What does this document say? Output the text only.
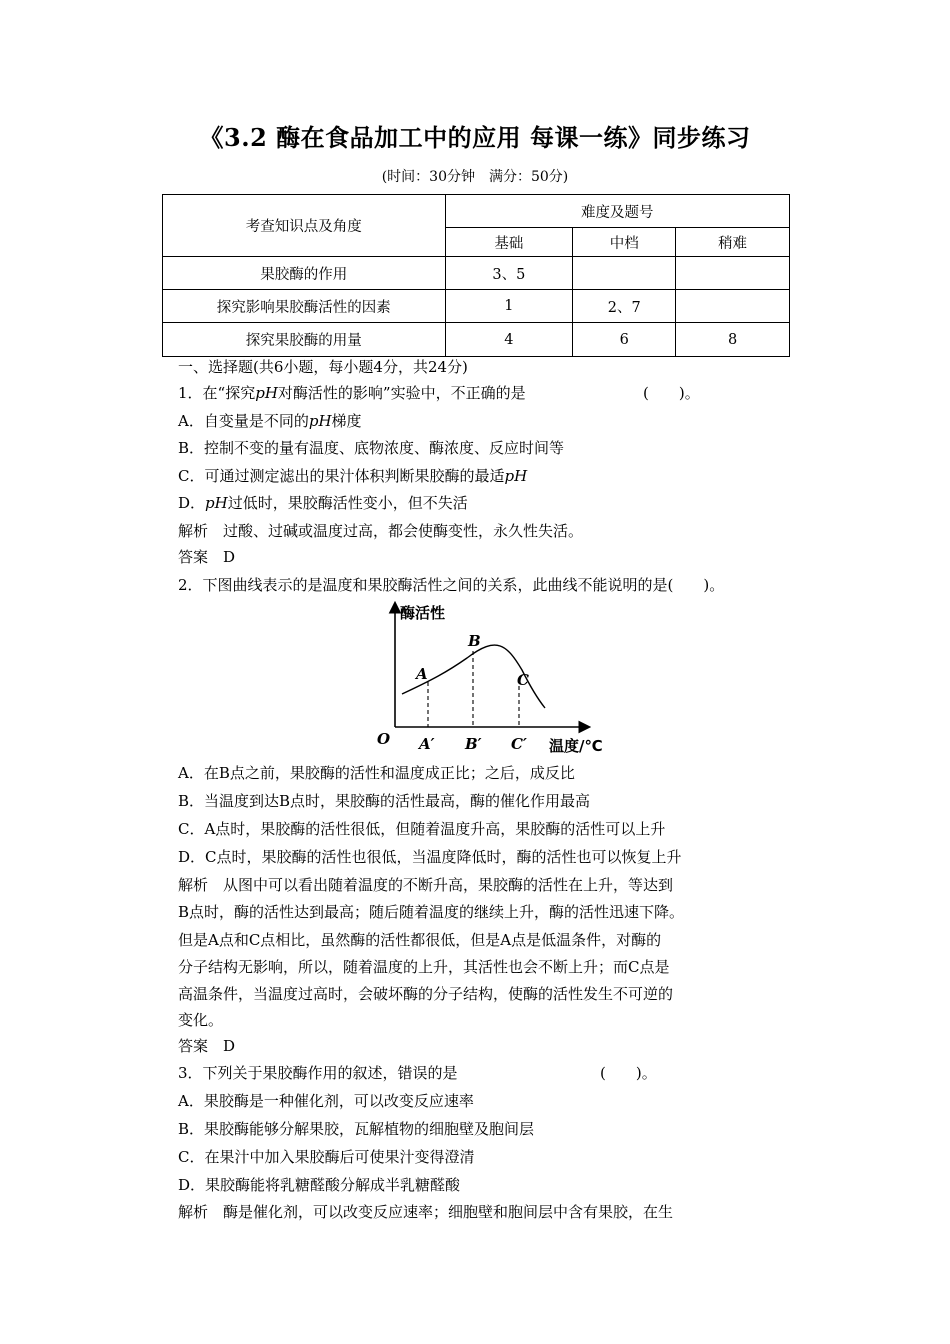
《3.2 酶在食品加工中的应用 每课一练》同步练习
(时间：30分钟　满分：50分)
考查知识点及角度	难度及题号		
	基础	中档	稍难
果胶酶的作用	3、5		
探究影响果胶酶活性的因素	1	2、7	
探究果胶酶的用量	4	6	8
一、选择题(共6小题，每小题4分，共24分)
1．在“探究pH对酶活性的影响”实验中，不正确的是	(　　)。
A．自变量是不同的pH梯度
B．控制不变的量有温度、底物浓度、酶浓度、反应时间等
C．可通过测定滤出的果汁体积判断果胶酶的最适pH
D．pH过低时，果胶酶活性变小，但不失活
解析　过酸、过碱或温度过高，都会使酶变性，永久性失活。
答案　D
2．下图曲线表示的是温度和果胶酶活性之间的关系，此曲线不能说明的是(　　)。
酶活性
温度/℃
O
A
B
C
A′ B′ C′
A．在B点之前，果胶酶的活性和温度成正比；之后，成反比
B．当温度到达B点时，果胶酶的活性最高，酶的催化作用最高
C．A点时，果胶酶的活性很低，但随着温度升高，果胶酶的活性可以上升
D．C点时，果胶酶的活性也很低，当温度降低时，酶的活性也可以恢复上升
解析　从图中可以看出随着温度的不断升高，果胶酶的活性在上升，等达到
B点时，酶的活性达到最高；随后随着温度的继续上升，酶的活性迅速下降。
但是A点和C点相比，虽然酶的活性都很低，但是A点是低温条件，对酶的
分子结构无影响，所以，随着温度的上升，其活性也会不断上升；而C点是
高温条件，当温度过高时，会破坏酶的分子结构，使酶的活性发生不可逆的
变化。
答案　D
3．下列关于果胶酶作用的叙述，错误的是	(　　)。
A．果胶酶是一种催化剂，可以改变反应速率
B．果胶酶能够分解果胶，瓦解植物的细胞壁及胞间层
C．在果汁中加入果胶酶后可使果汁变得澄清
D．果胶酶能将乳糖醛酸分解成半乳糖醛酸
解析　酶是催化剂，可以改变反应速率；细胞壁和胞间层中含有果胶，在生
